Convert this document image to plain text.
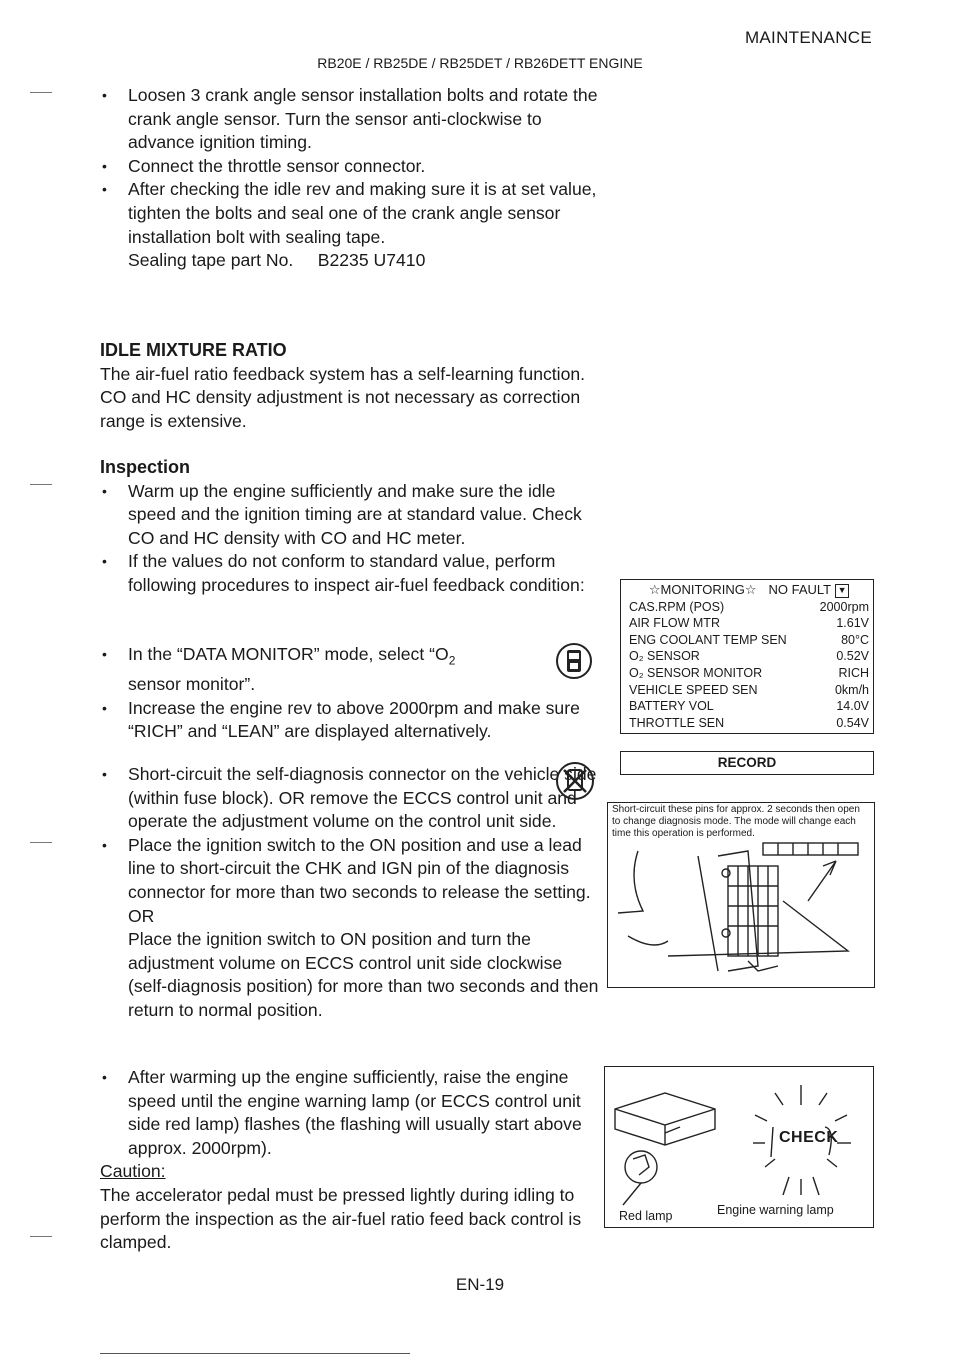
MAINTENANCE
RB20E / RB25DE / RB25DET / RB26DETT ENGINE

• Loosen 3 crank angle sensor installation bolts and rotate the crank angle sensor. Turn the sensor anti-clockwise to advance ignition timing.

• Connect the throttle sensor connector.

• After checking the idle rev and making sure it is at set value, tighten the bolts and seal one of the crank angle sensor installation bolt with sealing tape.

Sealing tape part No. B2235 U7410

IDLE MIXTURE RATIO

The air-fuel ratio feedback system has a self-learning function. CO and HC density adjustment is not necessary as correction range is extensive.

Inspection

• Warm up the engine sufficiently and make sure the idle speed and the ignition timing are at standard value. Check CO and HC density with CO and HC meter.

• If the values do not conform to standard value, perform following procedures to inspect air-fuel feedback condition:

• In the “DATA MONITOR” mode, select “$O_2$
sensor monitor”.

• Increase the engine rev to above 2000rpm and make sure “RICH” and “LEAN” are displayed alternatively.

• Short-circuit the self-diagnosis connector on the vehicle side (within fuse block). OR remove the ECCS control unit and operate the adjustment volume on the control unit side.

• Place the ignition switch to the ON position and use a lead line to short-circuit the CHK and IGN pin of the diagnosis connector for more than two seconds to release the setting. OR

Place the ignition switch to ON position and turn the adjustment volume on ECCS control unit side clockwise (self-diagnosis position) for more than two seconds and then return to normal position.

• After warming up the engine sufficiently, raise the engine speed until the engine warning lamp (or ECCS control unit side red lamp) flashes (the flashing will usually start above approx. 2000rpm).

Caution:

The accelerator pedal must be pressed lightly during idling to perform the inspection as the air-fuel ratio feed back control is clamped.

☆MONITORING☆ NO FAULT ▼
CAS.RPM (POS)	2000rpm
AIR FLOW MTR	1.61V
ENG COOLANT TEMP SEN	80°C
O₂ SENSOR	0.52V
O₂ SENSOR MONITOR	RICH
VEHICLE SPEED SEN	0km/h
BATTERY VOL	14.0V
THROTTLE SEN	0.54V
RECORD
Short-circuit these pins for approx. 2 seconds then open to change diagnosis mode. The mode will change each time this operation is performed.
CHECK
Red lamp	Engine warning lamp
EN-19
